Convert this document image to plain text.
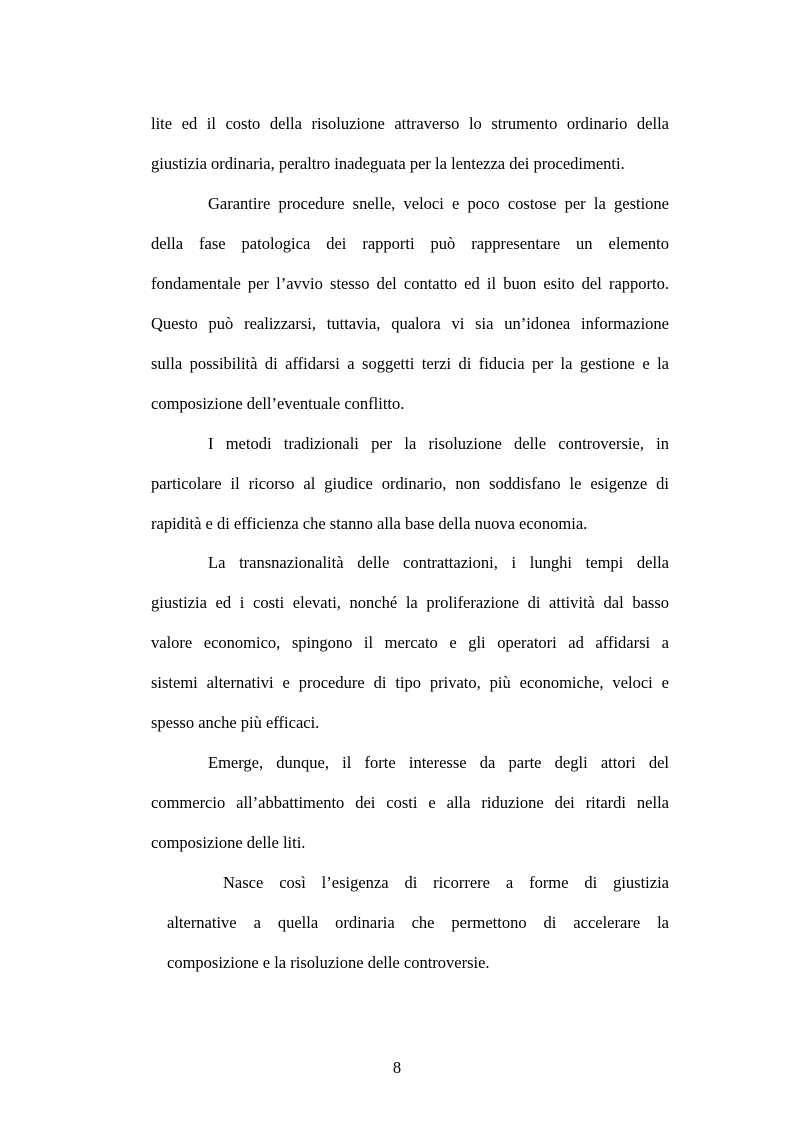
lite ed il costo della risoluzione attraverso lo strumento ordinario della
giustizia ordinaria, peraltro inadeguata per la lentezza dei procedimenti.
Garantire procedure snelle, veloci e poco costose per la gestione
della fase patologica dei rapporti può rappresentare un elemento
fondamentale per l’avvio stesso del contatto ed il buon esito del rapporto.
Questo può realizzarsi, tuttavia, qualora vi sia un’idonea informazione
sulla possibilità di affidarsi a soggetti terzi di fiducia per la gestione e la
composizione dell’eventuale conflitto.
I metodi tradizionali per la risoluzione delle controversie, in
particolare il ricorso al giudice ordinario, non soddisfano le esigenze di
rapidità e di efficienza che stanno alla base della nuova economia.
La transnazionalità delle contrattazioni, i lunghi tempi della
giustizia ed i costi elevati, nonché la proliferazione di attività dal basso
valore economico, spingono il mercato e gli operatori ad affidarsi a
sistemi alternativi e procedure di tipo privato, più economiche, veloci e
spesso anche più efficaci.
Emerge, dunque, il forte interesse da parte degli attori del
commercio all’abbattimento dei costi e alla riduzione dei ritardi nella
composizione delle liti.
Nasce così l’esigenza di ricorrere a forme di giustizia
alternative a quella ordinaria che permettono di accelerare la
composizione e la risoluzione delle controversie.
8
